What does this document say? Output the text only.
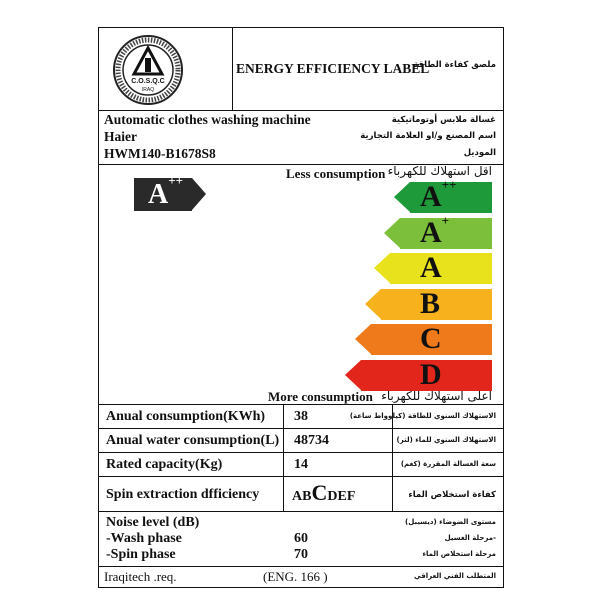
C.O.S.Q.C
IRAQ
ENERGY EFFICIENCY LABEL
ملصق كفاءة الطاقة
Automatic clothes washing machine
Haier
HWM140-B1678S8
غسالة ملابس أوتوماتيكية
اسم المصنع و/او العلامة التجارية
الموديل
Less consumption اقل استهلاك للكهرباء
A++	A++
A+
A
B
C
D
More consumption اعلى استهلاك للكهرباء
Anual consumption(KWh) 38	الاستهلاك السنوي للطاقة (كيلوواط ساعة)
Anual water consumption(L) 48734	الاستهلاك السنوي للماء (لتر)
Rated capacity(Kg)	14	سعة الغسالة المقررة (كغم)
Spin extraction dfficiency ABCDEF	كفاءة استخلاص الماء
Noise level (dB)	مستوى الضوضاء (ديسيبل)
-Wash phase	60	-مرحلة الغسيل
-Spin phase	70	مرحلة استخلاص الماء
Iraqitech .req.	(ENG. 166 )	المتطلب الفني العراقي
